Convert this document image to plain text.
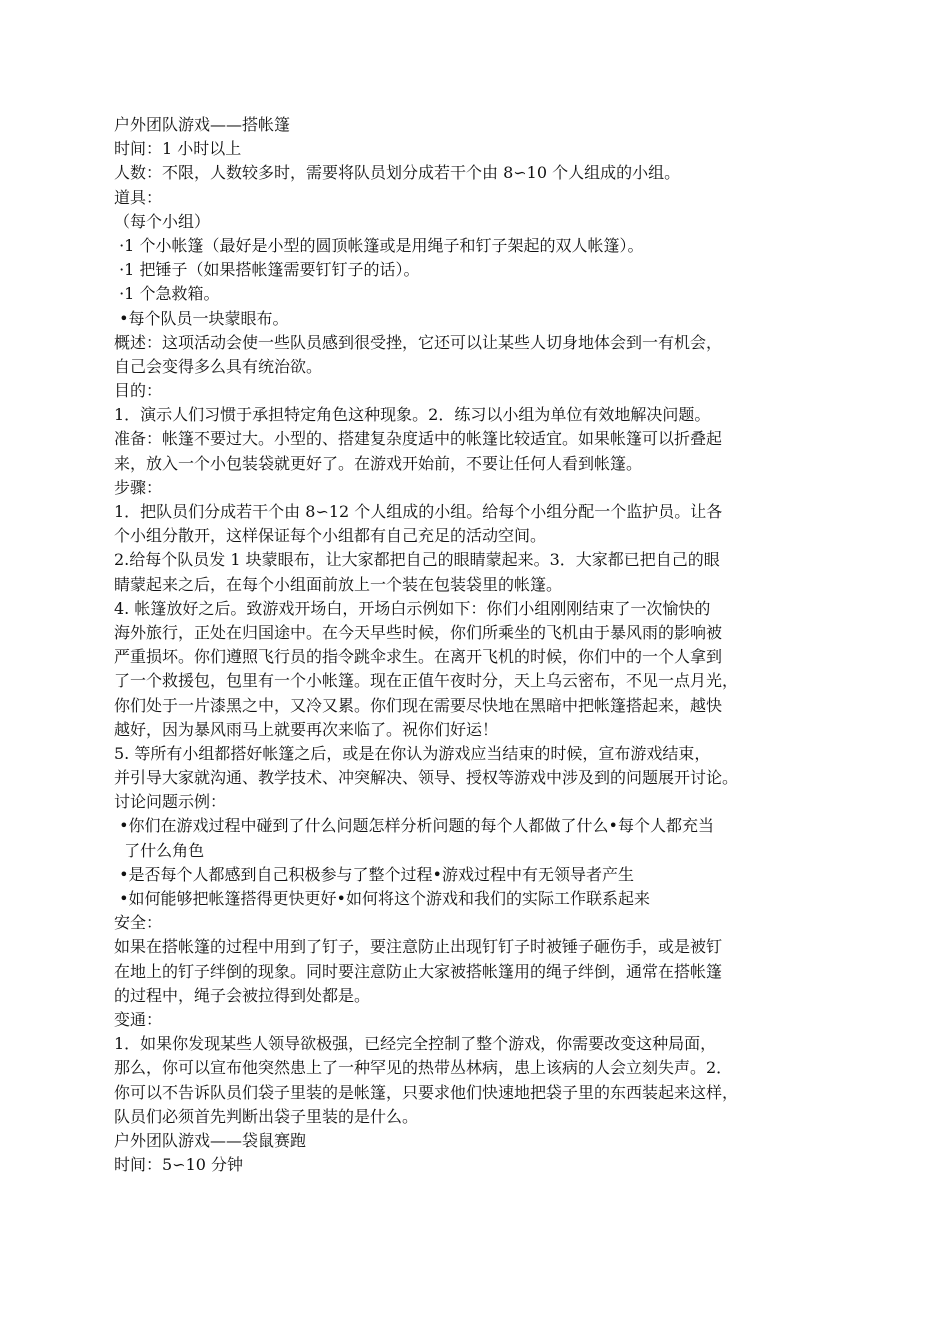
户外团队游戏——搭帐篷
时间：1 小时以上
人数：不限，人数较多时，需要将队员划分成若干个由 8∽10 个人组成的小组。
道具：
（每个小组）
·1 个小帐篷（最好是小型的圆顶帐篷或是用绳子和钉子架起的双人帐篷）。
·1 把锤子（如果搭帐篷需要钉钉子的话）。
·1 个急救箱。
•每个队员一块蒙眼布。
概述：这项活动会使一些队员感到很受挫，它还可以让某些人切身地体会到一有机会，
自己会变得多么具有统治欲。
目的：
1．演示人们习惯于承担特定角色这种现象。2．练习以小组为单位有效地解决问题。
准备：帐篷不要过大。小型的、搭建复杂度适中的帐篷比较适宜。如果帐篷可以折叠起
来，放入一个小包装袋就更好了。在游戏开始前，不要让任何人看到帐篷。
步骤：
1．把队员们分成若干个由 8∽12 个人组成的小组。给每个小组分配一个监护员。让各
个小组分散开，这样保证每个小组都有自己充足的活动空间。
2.给每个队员发 1 块蒙眼布，让大家都把自己的眼睛蒙起来。3．大家都已把自己的眼
睛蒙起来之后，在每个小组面前放上一个装在包装袋里的帐篷。
4. 帐篷放好之后。致游戏开场白，开场白示例如下：你们小组刚刚结束了一次愉快的
海外旅行，正处在归国途中。在今天早些时候，你们所乘坐的飞机由于暴风雨的影响被
严重损坏。你们遵照飞行员的指令跳伞求生。在离开飞机的时候，你们中的一个人拿到
了一个救援包，包里有一个小帐篷。现在正值午夜时分，天上乌云密布，不见一点月光，
你们处于一片漆黑之中，又冷又累。你们现在需要尽快地在黑暗中把帐篷搭起来，越快
越好，因为暴风雨马上就要再次来临了。祝你们好运！
5. 等所有小组都搭好帐篷之后，或是在你认为游戏应当结束的时候，宣布游戏结束，
并引导大家就沟通、教学技术、冲突解决、领导、授权等游戏中涉及到的问题展开讨论。
讨论问题示例：
•你们在游戏过程中碰到了什么问题怎样分析问题的每个人都做了什么•每个人都充当
了什么角色
•是否每个人都感到自己积极参与了整个过程•游戏过程中有无领导者产生
•如何能够把帐篷搭得更快更好•如何将这个游戏和我们的实际工作联系起来
安全：
如果在搭帐篷的过程中用到了钉子，要注意防止出现钉钉子时被锤子砸伤手，或是被钉
在地上的钉子绊倒的现象。同时要注意防止大家被搭帐篷用的绳子绊倒，通常在搭帐篷
的过程中，绳子会被拉得到处都是。
变通：
1．如果你发现某些人领导欲极强，已经完全控制了整个游戏，你需要改变这种局面，
那么，你可以宣布他突然患上了一种罕见的热带丛林病，患上该病的人会立刻失声。2．
你可以不告诉队员们袋子里装的是帐篷，只要求他们快速地把袋子里的东西装起来这样，
队员们必须首先判断出袋子里装的是什么。
户外团队游戏——袋鼠赛跑
时间：5∽10 分钟
